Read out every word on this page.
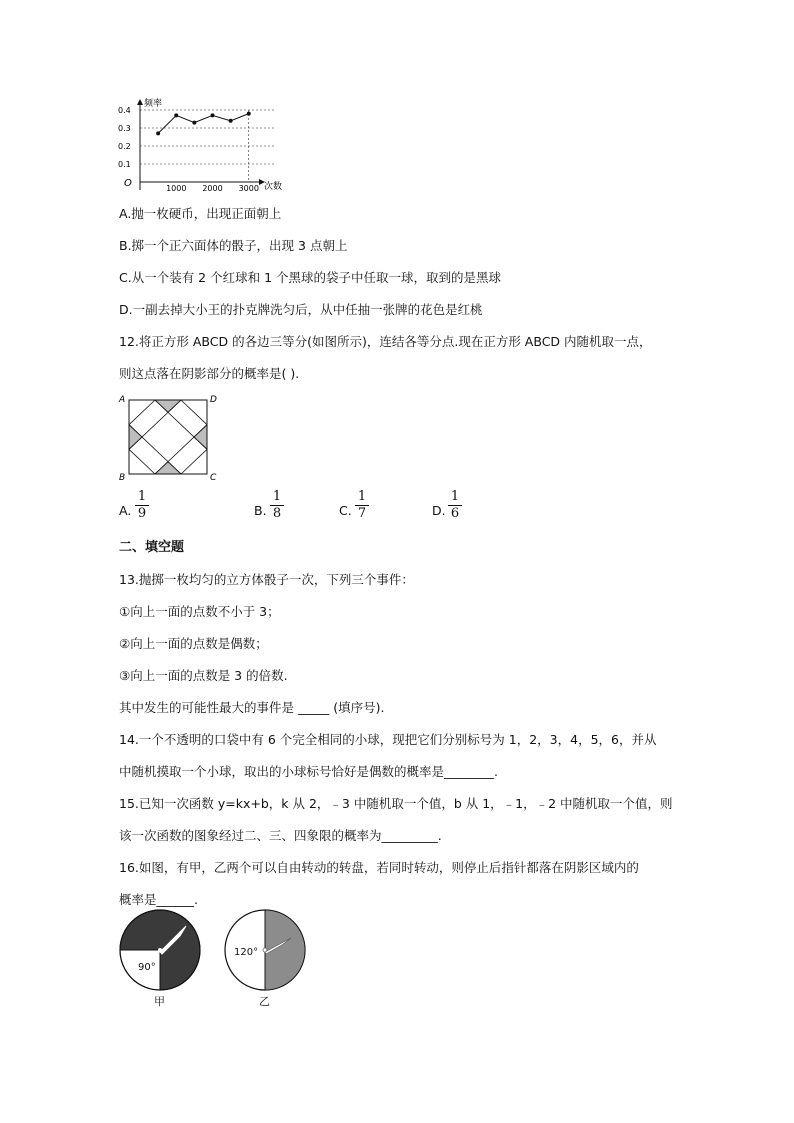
频率
次数
O
0.1
0.2
0.3
0.4
1000 2000 3000
A.抛一枚硬币，出现正面朝上
B.掷一个正六面体的骰子，出现 3 点朝上
C.从一个装有 2 个红球和 1 个黑球的袋子中任取一球，取到的是黑球
D.一副去掉大小王的扑克牌洗匀后，从中任抽一张牌的花色是红桃
12.将正方形 ABCD 的各边三等分(如图所示)，连结各等分点.现在正方形 ABCD 内随机取一点，
则这点落在阴影部分的概率是( ).
A	D
B	C
A.
1
9	B.
1
8	C.
1
7	D.
1
6
二、填空题
13.抛掷一枚均匀的立方体骰子一次，下列三个事件：
①向上一面的点数不小于 3；
②向上一面的点数是偶数；
③向上一面的点数是 3 的倍数.
其中发生的可能性最大的事件是 _____ (填序号).
14.一个不透明的口袋中有 6 个完全相同的小球，现把它们分别标号为 1，2，3，4，5，6，并从
中随机摸取一个小球，取出的小球标号恰好是偶数的概率是________.
15.已知一次函数 y=kx+b，k 从 2，﹣3 中随机取一个值，b 从 1，﹣1，﹣2 中随机取一个值，则
该一次函数的图象经过二、三、四象限的概率为_________.
16.如图，有甲，乙两个可以自由转动的转盘，若同时转动，则停止后指针都落在阴影区域内的
概率是______.
90°
甲
120°
乙
